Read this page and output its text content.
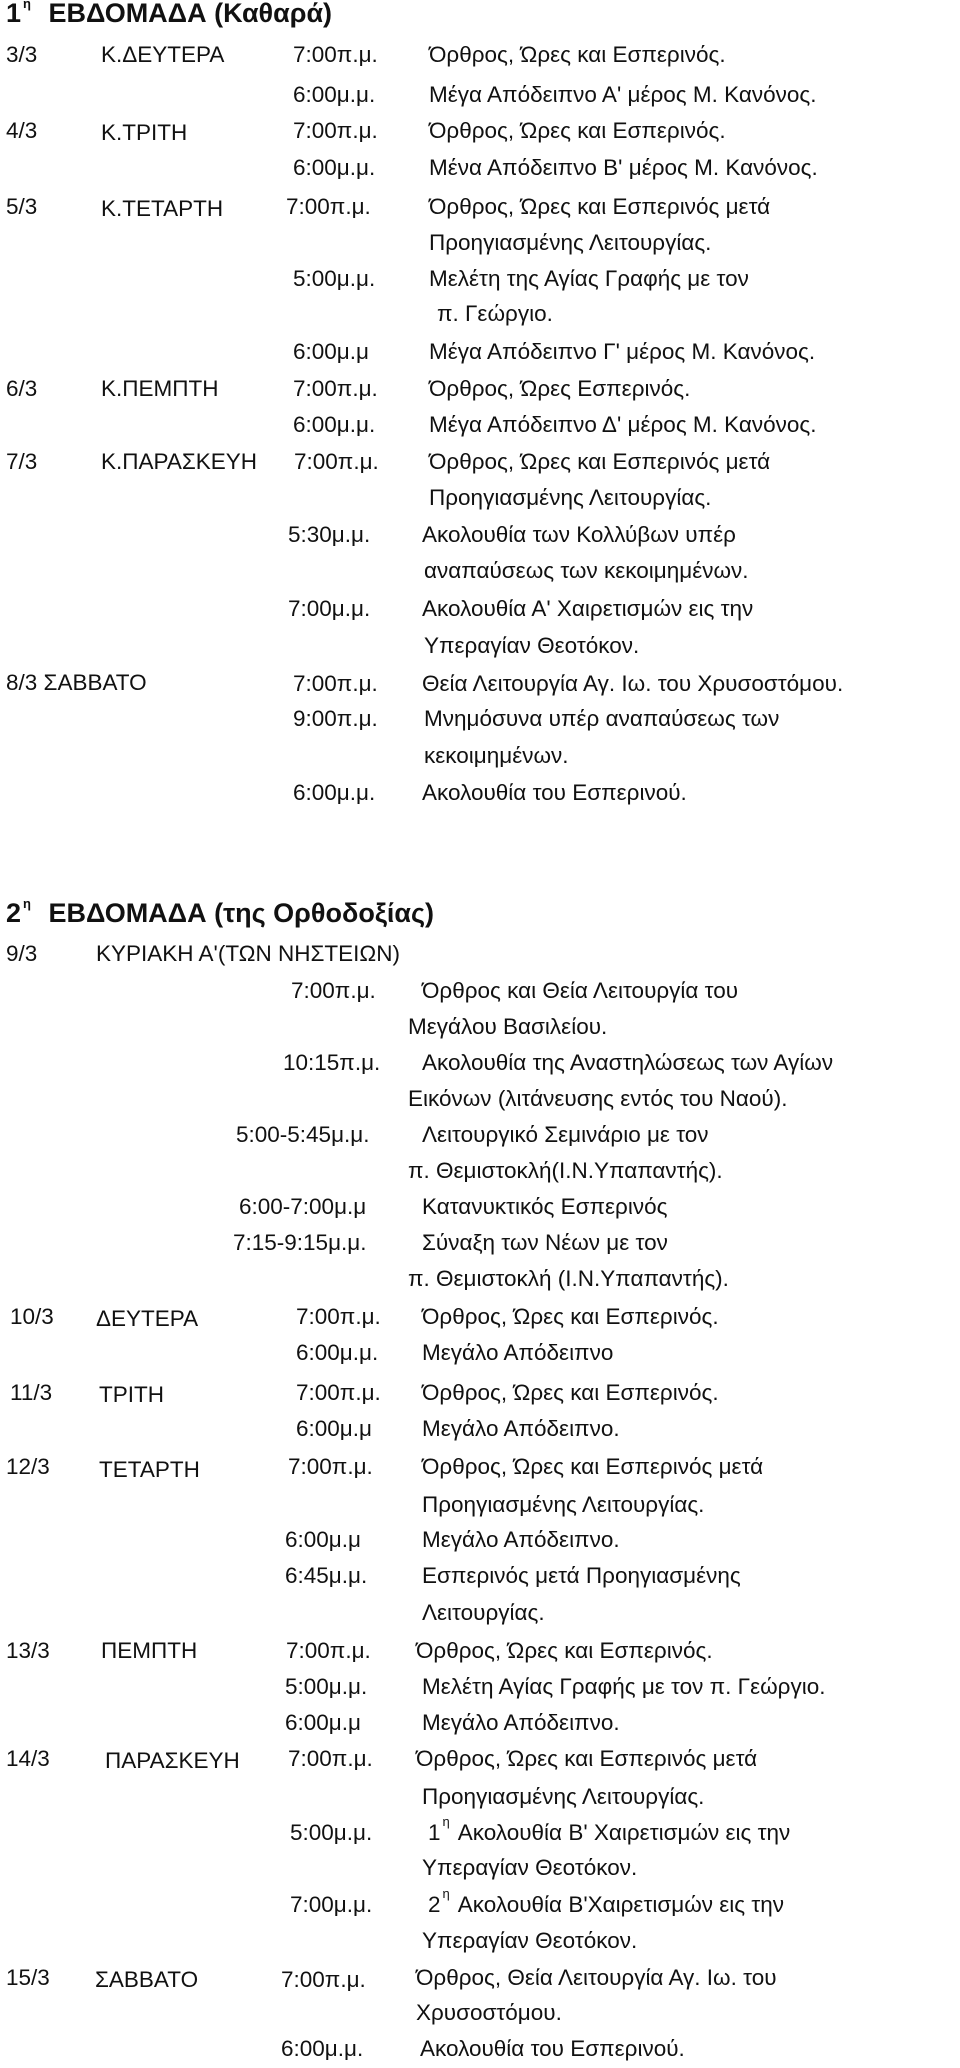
1 $^\eta$ ΕΒΔΟΜΑΔΑ (Καθαρά)
3/3	Κ.ΔΕΥΤΕΡΑ	7:00π.μ. Όρθρος, Ώρες και Εσπερινός.
6:00μ.μ. Μέγα Απόδειπνο Α' μέρος Μ. Κανόνος.
4/3	Κ.ΤΡΙΤΗ	7:00π.μ. Όρθρος, Ώρες και Εσπερινός.
6:00μ.μ. Μένα Απόδειπνο Β' μέρος Μ. Κανόνος.
5/3	Κ.ΤΕΤΑΡΤΗ	7:00π.μ.	Όρθρος, Ώρες και Εσπερινός μετά
Προηγιασμένης Λειτουργίας.
5:00μ.μ. Μελέτη της Αγίας Γραφής με τον
π. Γεώργιο.
6:00μ.μ	Μέγα Απόδειπνο Γ' μέρος Μ. Κανόνος.
6/3	Κ.ΠΕΜΠΤΗ	7:00π.μ. Όρθρος, Ώρες Εσπερινός.
6:00μ.μ. Μέγα Απόδειπνο Δ' μέρος Μ. Κανόνος.
7/3	Κ.ΠΑΡΑΣΚΕΥΗ 7:00π.μ. Όρθρος, Ώρες και Εσπερινός μετά
Προηγιασμένης Λειτουργίας.
5:30μ.μ. Ακολουθία των Κολλύβων υπέρ
αναπαύσεως των κεκοιμημένων.
7:00μ.μ. Ακολουθία Α' Χαιρετισμών εις την
Υπεραγίαν Θεοτόκον.
8/3 ΣΑΒΒΑΤΟ	7:00π.μ. Θεία Λειτουργία Αγ. Ιω. του Χρυσοστόμου.
9:00π.μ. Μνημόσυνα υπέρ αναπαύσεως των
κεκοιμημένων.
6:00μ.μ. Ακολουθία του Εσπερινού.
2 $^\eta$ ΕΒΔΟΜΑΔΑ (της Ορθοδοξίας)
9/3	ΚΥΡΙΑΚΗ Α'(ΤΩΝ ΝΗΣΤΕΙΩΝ)
7:00π.μ. Όρθρος και Θεία Λειτουργία του
Μεγάλου Βασιλείου.
10:15π.μ. Ακολουθία της Αναστηλώσεως των Αγίων
Εικόνων (λιτάνευσης εντός του Ναού).
5:00-5:45μ.μ. Λειτουργικό Σεμινάριο με τον
π. Θεμιστοκλή(Ι.Ν.Υπαπαντής).
6:00-7:00μ.μ Κατανυκτικός Εσπερινός
7:15-9:15μ.μ. Σύναξη των Νέων με τον
π. Θεμιστοκλή (Ι.Ν.Υπαπαντής).
10/3 ΔΕΥΤΕΡΑ	7:00π.μ. Όρθρος, Ώρες και Εσπερινός.
6:00μ.μ. Μεγάλο Απόδειπνο
11/3 ΤΡΙΤΗ	7:00π.μ. Όρθρος, Ώρες και Εσπερινός.
6:00μ.μ Μεγάλο Απόδειπνο.
12/3 ΤΕΤΑΡΤΗ	7:00π.μ. Όρθρος, Ώρες και Εσπερινός μετά
Προηγιασμένης Λειτουργίας.
6:00μ.μ	Μεγάλο Απόδειπνο.
6:45μ.μ. Εσπερινός μετά Προηγιασμένης
Λειτουργίας.
13/3 ΠΕΜΠΤΗ	7:00π.μ. Όρθρος, Ώρες και Εσπερινός.
5:00μ.μ. Μελέτη Αγίας Γραφής με τον π. Γεώργιο.
6:00μ.μ	Μεγάλο Απόδειπνο.
14/3 ΠΑΡΑΣΚΕΥΗ 7:00π.μ. Όρθρος, Ώρες και Εσπερινός μετά
Προηγιασμένης Λειτουργίας.
5:00μ.μ. 1 $^\eta$ Ακολουθία Β' Χαιρετισμών εις την
Υπεραγίαν Θεοτόκον.
7:00μ.μ. 2 $^\eta$ Ακολουθία Β'Χαιρετισμών εις την
Υπεραγίαν Θεοτόκον.
15/3 ΣΑΒΒΑΤΟ	7:00π.μ. Όρθρος, Θεία Λειτουργία Αγ. Ιω. του
Χρυσοστόμου.
6:00μ.μ.	Ακολουθία του Εσπερινού.
